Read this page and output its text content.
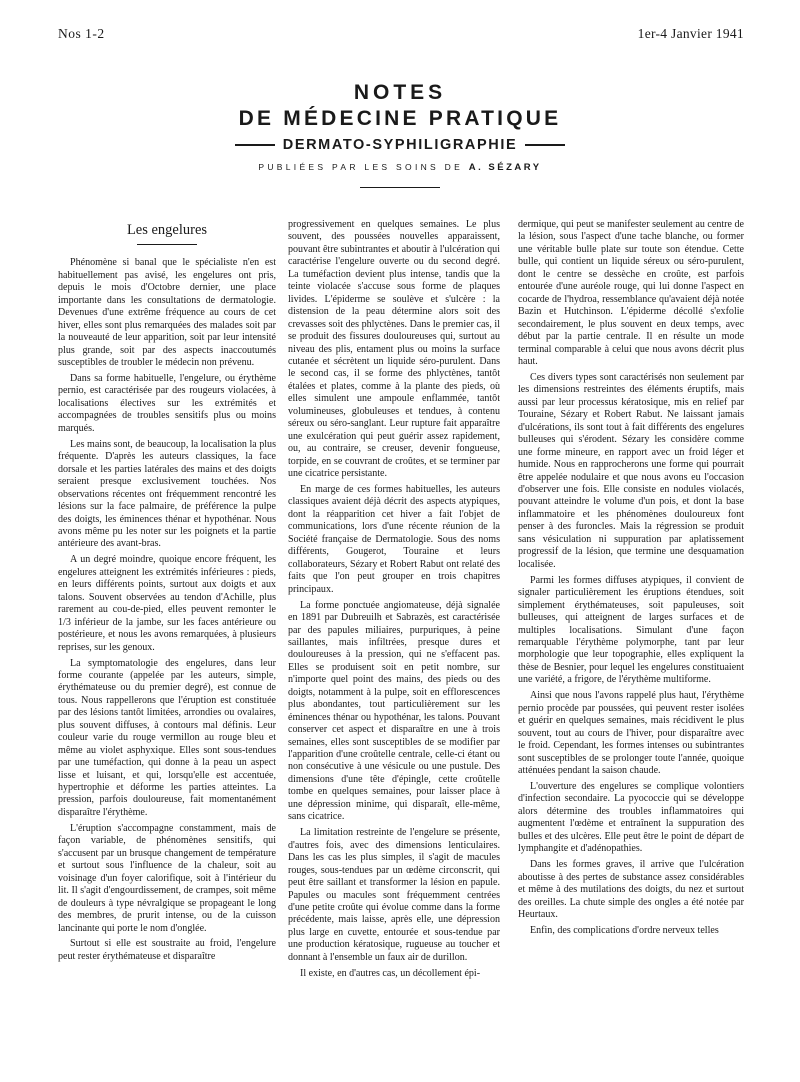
Nos 1-2	1er-4 Janvier 1941
NOTES
DE MÉDECINE PRATIQUE
DERMATO-SYPHILIGRAPHIE
PUBLIÉES PAR LES SOINS DE A. SÉZARY
Les engelures

Phénomène si banal que le spécialiste n'en est habituellement pas avisé, les engelures ont pris, depuis le mois d'Octobre dernier, une place importante dans les consultations de dermatologie. Devenues d'une extrême fréquence au cours de cet hiver, elles sont plus remarquées des malades soit par la nouveauté de leur apparition, soit par leur intensité plus grande, soit par des aspects inaccoutumés susceptibles de troubler le médecin non prévenu.

Dans sa forme habituelle, l'engelure, ou érythème pernio, est caractérisée par des rougeurs violacées, à localisations électives sur les extrémités et accompagnées de troubles sensitifs plus ou moins marqués.

Les mains sont, de beaucoup, la localisation la plus fréquente. D'après les auteurs classiques, la face dorsale et les parties latérales des mains et des doigts seraient presque exclusivement touchées. Nos observations récentes ont fréquemment rencontré les lésions sur la face palmaire, de préférence la pulpe des doigts, les éminences thénar et hypothénar. Nous avons même pu les noter sur les poignets et la partie antérieure des avant-bras.

A un degré moindre, quoique encore fréquent, les engelures atteignent les extrémités inférieures : pieds, en leurs différents points, surtout aux doigts et aux talons. Souvent observées au tendon d'Achille, plus rarement au cou-de-pied, elles peuvent remonter le 1/3 inférieur de la jambe, sur les faces antérieure ou postérieure, et nous les avons remarquées, à plusieurs reprises, sur les genoux.

La symptomatologie des engelures, dans leur forme courante (appelée par les auteurs, simple, érythémateuse ou du premier degré), est connue de tous. Nous rappellerons que l'éruption est constituée par des lésions tantôt limitées, arrondies ou ovalaires, plus souvent diffuses, à contours mal définis. Leur couleur varie du rouge vermillon au rouge bleu et même au violet asphyxique. Elles sont sous-tendues par une tuméfaction, qui donne à la peau un aspect lisse et luisant, et qui, lorsqu'elle est accentuée, hypertrophie et déforme les parties atteintes. La pression, parfois douloureuse, fait momentanément disparaître l'érythème.

L'éruption s'accompagne constamment, mais de façon variable, de phénomènes sensitifs, qui s'accusent par un brusque changement de température et surtout sous l'influence de la chaleur, soit au voisinage d'un foyer calorifique, soit à l'intérieur du lit. Il s'agit d'engourdissement, de crampes, soit même de douleurs à type névralgique se propageant le long des membres, de prurit intense, ou de la cuisson lancinante qui porte le nom d'onglée.

Surtout si elle est soustraite au froid, l'engelure peut rester érythémateuse et disparaître

progressivement en quelques semaines. Le plus souvent, des poussées nouvelles apparaissent, pouvant être subintrantes et aboutir à l'ulcération qui caractérise l'engelure ouverte ou du second degré. La tuméfaction devient plus intense, tandis que la teinte violacée s'accuse sous forme de plaques livides. L'épiderme se soulève et s'ulcère : la distension de la peau détermine alors soit des crevasses soit des phlyctènes. Dans le premier cas, il se produit des fissures douloureuses qui, surtout au niveau des plis, entament plus ou moins la surface cutanée et sécrètent un liquide séro-purulent. Dans le second cas, il se forme des phlyctènes, tantôt étalées et plates, comme à la plante des pieds, où elles simulent une ampoule enflammée, tantôt volumineuses, globuleuses et tendues, à contenu séreux ou séro-sanglant. Leur rupture fait apparaître une exulcération qui peut guérir assez rapidement, ou, au contraire, se creuser, devenir fongueuse, torpide, en se couvrant de croûtes, et se terminer par une cicatrice persistante.

En marge de ces formes habituelles, les auteurs classiques avaient déjà décrit des aspects atypiques, dont la réapparition cet hiver a fait l'objet de communications, lors d'une récente réunion de la Société française de Dermatologie. Sous des noms différents, Gougerot, Touraine et leurs collaborateurs, Sézary et Robert Rabut ont relaté des faits que l'on peut grouper en trois chapitres principaux.

La forme ponctuée angiomateuse, déjà signalée en 1891 par Dubreuilh et Sabrazès, est caractérisée par des papules miliaires, purpuriques, à peine saillantes, mais infiltrées, presque dures et douloureuses à la pression, qui ne s'effacent pas. Elles se produisent soit en petit nombre, sur n'importe quel point des mains, des pieds ou des doigts, notamment à la pulpe, soit en efflorescences plus abondantes, tout particulièrement sur les éminences thénar ou hypothénar, les talons. Pouvant conserver cet aspect et disparaître en une à trois semaines, elles sont susceptibles de se modifier par l'apparition d'une croûtelle centrale, celle-ci étant ou non consécutive à une vésicule ou une pustule. Des dimensions d'une tête d'épingle, cette croûtelle tombe en quelques semaines, pour laisser place à une dépression minime, qui disparaît, elle-même, sans cicatrice.

La limitation restreinte de l'engelure se présente, d'autres fois, avec des dimensions lenticulaires. Dans les cas les plus simples, il s'agit de macules rouges, sous-tendues par un œdème circonscrit, qui peut être saillant et transformer la lésion en papule. Papules ou macules sont fréquemment centrées d'une petite croûte qui évolue comme dans la forme précédente, mais laisse, après elle, une dépression plus large en cuvette, entourée et sous-tendue par une production kératosique, rugueuse au toucher et donnant à l'ensemble un faux air de durillon.

Il existe, en d'autres cas, un décollement épi-

dermique, qui peut se manifester seulement au centre de la lésion, sous l'aspect d'une tache blanche, ou former une véritable bulle plate sur toute son étendue. Cette bulle, qui contient un liquide séreux ou séro-purulent, dont le centre se dessèche en croûte, est parfois entourée d'une auréole rouge, qui lui donne l'aspect en cocarde de l'hydroa, ressemblance qu'avaient déjà notée Bazin et Hutchinson. L'épiderme décollé s'exfolie secondairement, le plus souvent en deux temps, avec début par la partie centrale. Il en résulte un mode terminal comparable à celui que nous avons décrit plus haut.

Ces divers types sont caractérisés non seulement par les dimensions restreintes des éléments éruptifs, mais aussi par leur processus kératosique, mis en relief par Touraine, Sézary et Robert Rabut. Ne laissant jamais d'ulcérations, ils sont tout à fait différents des engelures bulleuses qui s'érodent. Sézary les considère comme une forme mineure, en rapport avec un froid léger et humide. Nous en rapprocherons une forme qui pourrait être appelée nodulaire et que nous avons eu l'occasion d'observer une fois. Elle consiste en nodules violacés, pouvant atteindre le volume d'un pois, et dont la base inflammatoire et les phénomènes douloureux font penser à des furoncles. Mais la régression se produit sans vésiculation ni suppuration par aplatissement progressif de la lésion, que termine une desquamation localisée.

Parmi les formes diffuses atypiques, il convient de signaler particulièrement les éruptions étendues, soit simplement érythémateuses, soit papuleuses, soit bulleuses, qui atteignent de larges surfaces et de multiples localisations. Simulant d'une façon remarquable l'érythème polymorphe, tant par leur morphologie que leur topographie, elles expliquent la thèse de Besnier, pour lequel les engelures constituaient une variété, a frigore, de l'érythème multiforme.

Ainsi que nous l'avons rappelé plus haut, l'érythème pernio procède par poussées, qui peuvent rester isolées et guérir en quelques semaines, mais récidivent le plus souvent, tout au cours de l'hiver, pour disparaître avec le froid. Cependant, les formes intenses ou subintrantes sont susceptibles de se prolonger toute l'année, quoique atténuées pendant la saison chaude.

L'ouverture des engelures se complique volontiers d'infection secondaire. La pyococcie qui se développe alors détermine des troubles inflammatoires qui augmentent l'œdème et entraînent la suppuration des bulles et des ulcères. Elle peut être le point de départ de lymphangite et d'adénopathies.

Dans les formes graves, il arrive que l'ulcération aboutisse à des pertes de substance assez considérables et même à des mutilations des doigts, du nez et surtout des oreilles. La chute simple des ongles a été notée par Heurtaux.

Enfin, des complications d'ordre nerveux telles
